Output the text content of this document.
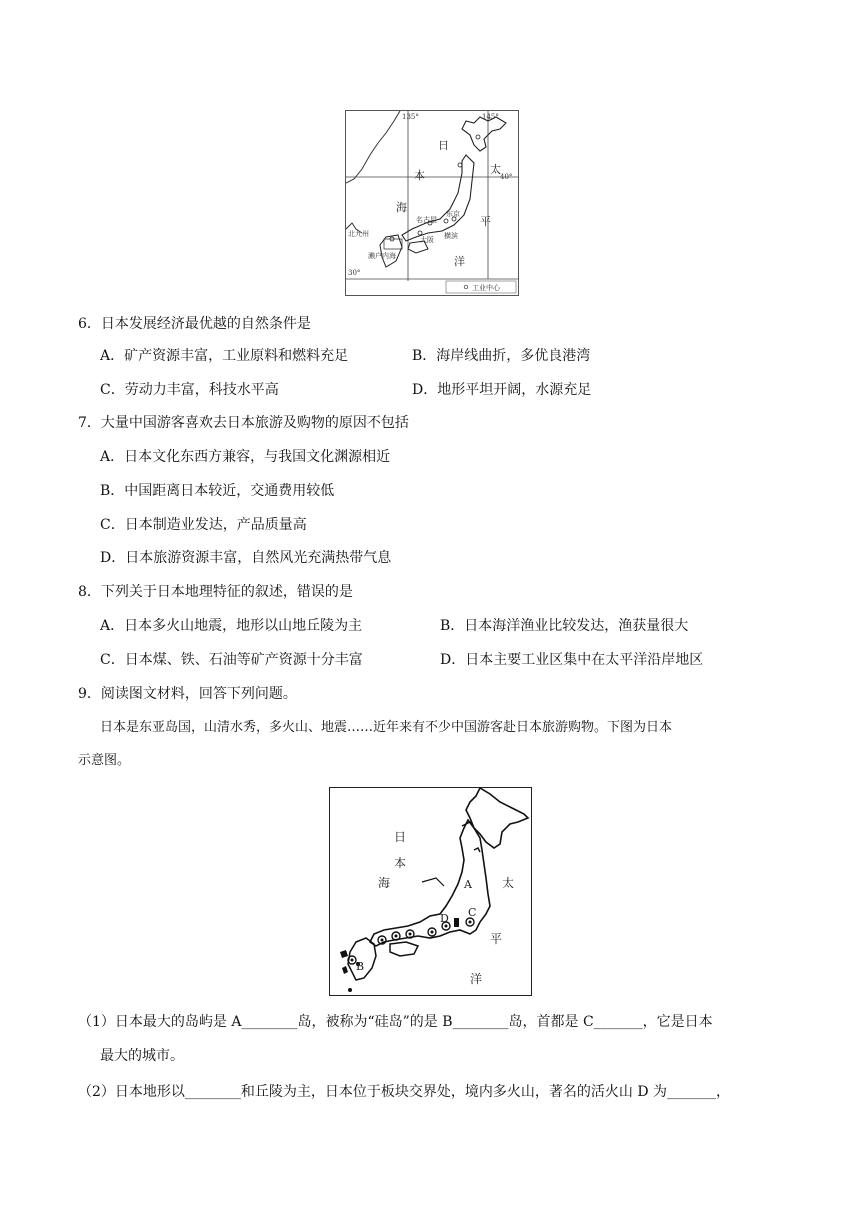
135°	145°
40°
30°
日
本
海
太
平
洋
名古屋
东京
大阪 横滨
北九州
濑户内海
工业中心
6．日本发展经济最优越的自然条件是
A．矿产资源丰富，工业原料和燃料充足	B．海岸线曲折，多优良港湾
C．劳动力丰富，科技水平高	D．地形平坦开阔，水源充足
7．大量中国游客喜欢去日本旅游及购物的原因不包括
A．日本文化东西方兼容，与我国文化渊源相近
B．中国距离日本较近，交通费用较低
C．日本制造业发达，产品质量高
D．日本旅游资源丰富，自然风光充满热带气息
8．下列关于日本地理特征的叙述，错误的是
A．日本多火山地震，地形以山地丘陵为主	B．日本海洋渔业比较发达，渔获量很大
C．日本煤、铁、石油等矿产资源十分丰富	D．日本主要工业区集中在太平洋沿岸地区
9．阅读图文材料，回答下列问题。
日本是东亚岛国，山清水秀，多火山、地震……近年来有不少中国游客赴日本旅游购物。下图为日本
示意图。
日
本
海	太
平
洋
A
B
C
D
（1）日本最大的岛屿是 A________岛，被称为“硅岛”的是 B________岛，首都是 C_______，它是日本
最大的城市。
（2）日本地形以________和丘陵为主，日本位于板块交界处，境内多火山，著名的活火山 D 为_______，
